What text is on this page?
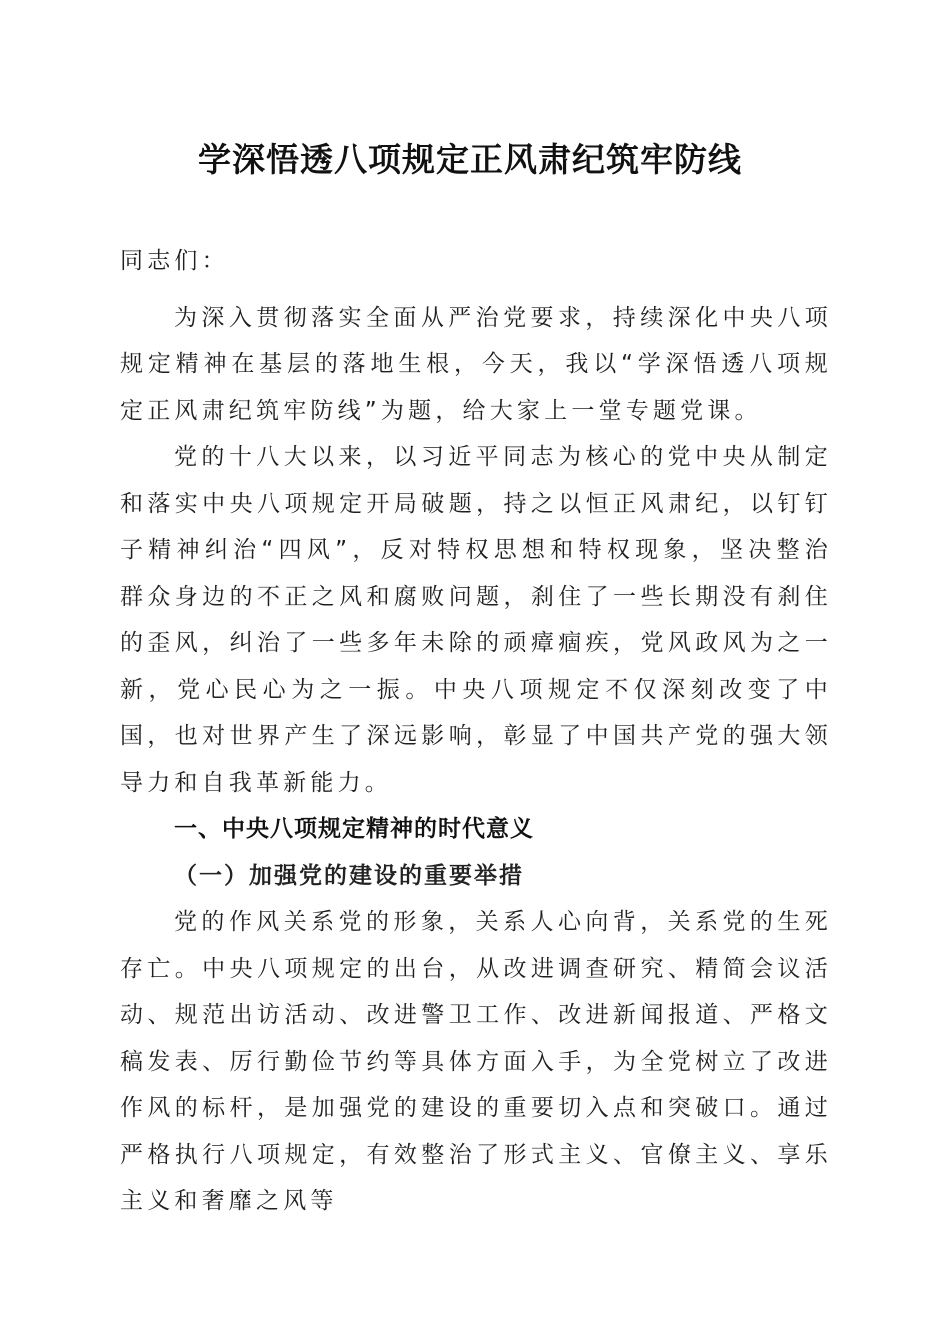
学深悟透八项规定正风肃纪筑牢防线

同志们：

为深入贯彻落实全面从严治党要求，持续深化中央八项规定精神在基层的落地生根，今天，我以“学深悟透八项规定正风肃纪筑牢防线”为题，给大家上一堂专题党课。

党的十八大以来，以习近平同志为核心的党中央从制定和落实中央八项规定开局破题，持之以恒正风肃纪，以钉钉子精神纠治“四风”，反对特权思想和特权现象，坚决整治群众身边的不正之风和腐败问题，刹住了一些长期没有刹住的歪风，纠治了一些多年未除的顽瘴痼疾，党风政风为之一新，党心民心为之一振。中央八项规定不仅深刻改变了中国，也对世界产生了深远影响，彰显了中国共产党的强大领导力和自我革新能力。

一、中央八项规定精神的时代意义

（一）加强党的建设的重要举措

党的作风关系党的形象，关系人心向背，关系党的生死存亡。中央八项规定的出台，从改进调查研究、精简会议活动、规范出访活动、改进警卫工作、改进新闻报道、严格文稿发表、厉行勤俭节约等具体方面入手，为全党树立了改进作风的标杆，是加强党的建设的重要切入点和突破口。通过严格执行八项规定，有效整治了形式主义、官僚主义、享乐主义和奢靡之风等
